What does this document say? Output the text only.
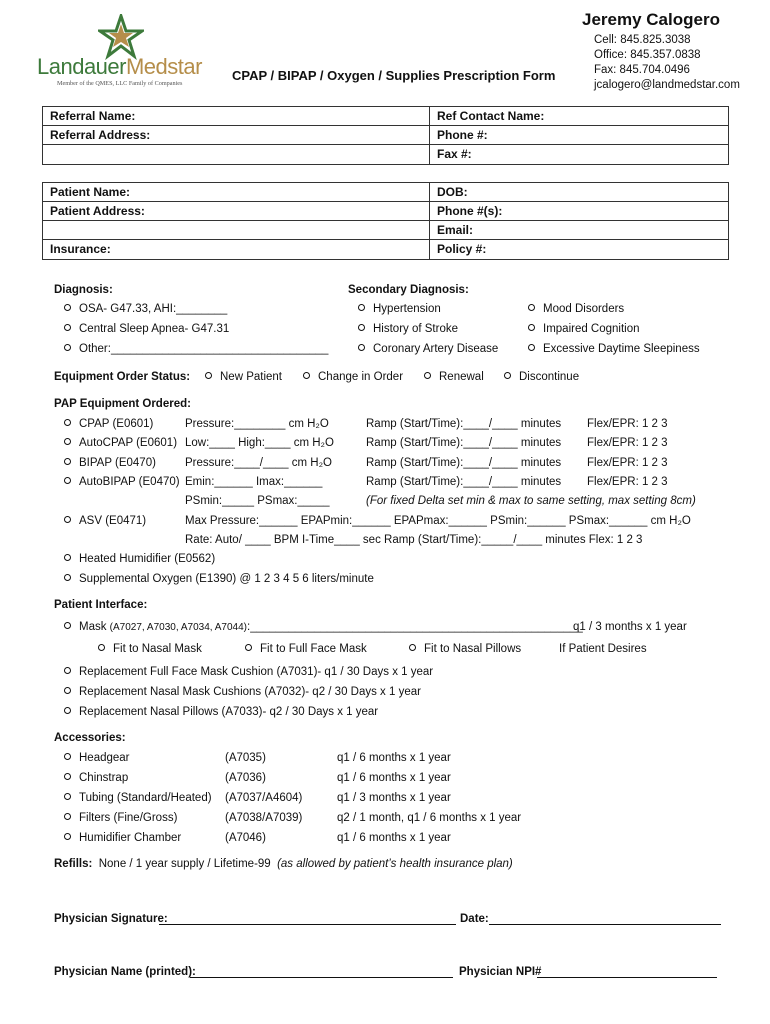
LandauerMedstar
Member of the QMES, LLC Family of Companies
CPAP / BIPAP / Oxygen / Supplies Prescription Form
Jeremy Calogero
Cell: 845.825.3038
Office: 845.357.0838
Fax: 845.704.0496
jcalogero@landmedstar.com
Referral Name:	Ref Contact Name:
Referral Address:	Phone #:
Fax #:
Patient Name:	DOB:
Patient Address:	Phone #(s):
Email:
Insurance:	Policy #:
Diagnosis:
OSA- G47.33, AHI:________
Central Sleep Apnea- G47.31
Other:__________________________________
Secondary Diagnosis:
Hypertension
History of Stroke
Coronary Artery Disease
Mood Disorders
Impaired Cognition
Excessive Daytime Sleepiness
Equipment Order Status:	New Patient	Change in Order	Renewal	Discontinue
PAP Equipment Ordered:
CPAP (E0601)	Pressure:________ cm H₂O	Ramp (Start/Time):____/____ minutes Flex/EPR: 1 2 3
AutoCPAP (E0601) Low:____ High:____ cm H₂O	Ramp (Start/Time):____/____ minutes Flex/EPR: 1 2 3
BIPAP (E0470)	Pressure:____/____ cm H₂O	Ramp (Start/Time):____/____ minutes Flex/EPR: 1 2 3
AutoBIPAP (E0470) Emin:______ Imax:______	Ramp (Start/Time):____/____ minutes Flex/EPR: 1 2 3
PSmin:_____ PSmax:_____	(For fixed Delta set min & max to same setting, max setting 8cm)
ASV (E0471)	Max Pressure:______ EPAPmin:______ EPAPmax:______ PSmin:______ PSmax:______ cm H₂O
Rate: Auto/ ____ BPM I-Time____ sec Ramp (Start/Time):_____/____ minutes Flex: 1 2 3
Heated Humidifier (E0562)
Supplemental Oxygen (E1390) @ 1 2 3 4 5 6 liters/minute
Patient Interface:
Mask (A7027, A7030, A7034, A7044):____________________________________________________
q1 / 3 months x 1 year
Fit to Nasal Mask	Fit to Full Face Mask	Fit to Nasal Pillows	If Patient Desires
Replacement Full Face Mask Cushion (A7031)- q1 / 30 Days x 1 year
Replacement Nasal Mask Cushions (A7032)- q2 / 30 Days x 1 year
Replacement Nasal Pillows (A7033)- q2 / 30 Days x 1 year
Accessories:
Headgear	(A7035)	q1 / 6 months x 1 year
Chinstrap	(A7036)	q1 / 6 months x 1 year
Tubing (Standard/Heated) (A7037/A4604)	q1 / 3 months x 1 year
Filters (Fine/Gross)	(A7038/A7039)	q2 / 1 month, q1 / 6 months x 1 year
Humidifier Chamber	(A7046)	q1 / 6 months x 1 year
Refills: None / 1 year supply / Lifetime-99 (as allowed by patient’s health insurance plan)
Physician Signature:	Date:
Physician Name (printed):	Physician NPI#
